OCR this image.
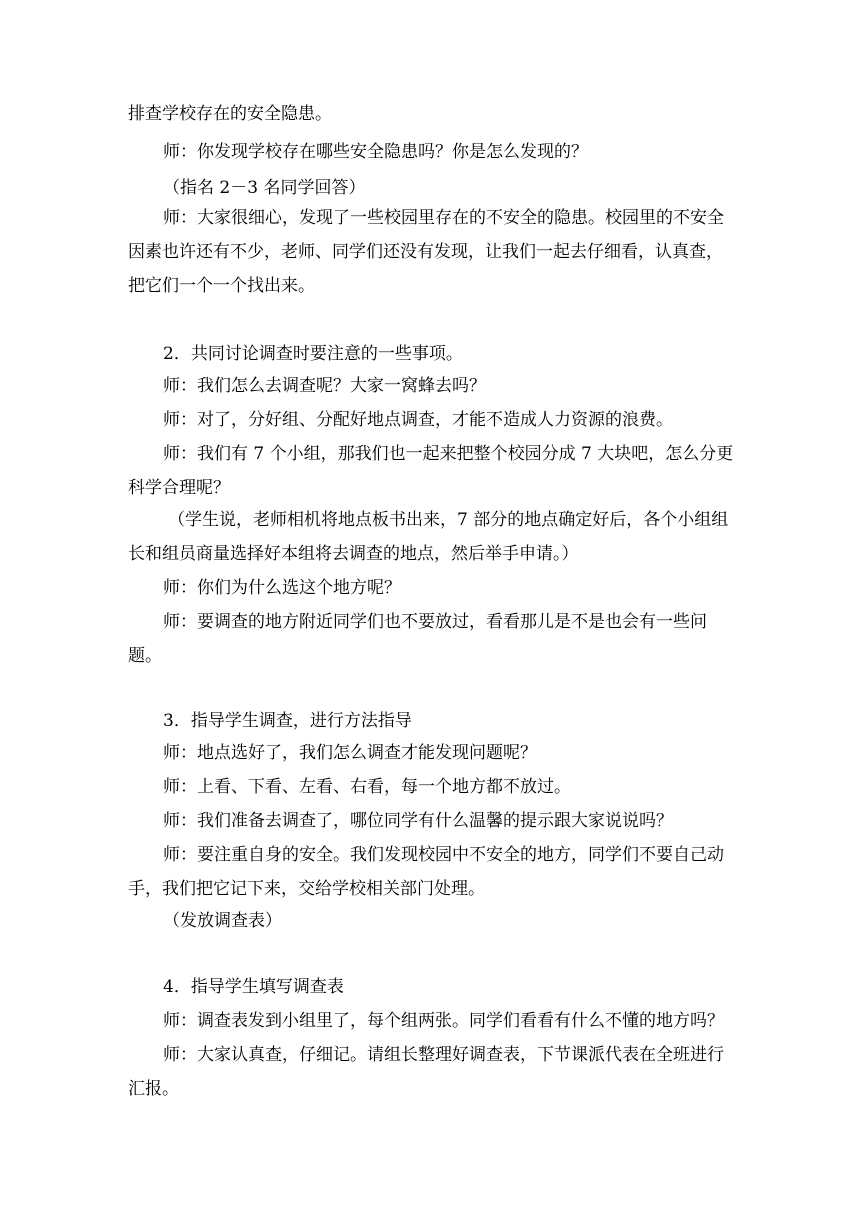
排查学校存在的安全隐患。
师：你发现学校存在哪些安全隐患吗？你是怎么发现的？
（指名 2－3 名同学回答）
师：大家很细心，发现了一些校园里存在的不安全的隐患。校园里的不安全
因素也许还有不少，老师、同学们还没有发现，让我们一起去仔细看，认真查，
把它们一个一个找出来。
2．共同讨论调查时要注意的一些事项。
师：我们怎么去调查呢？大家一窝蜂去吗？
师：对了，分好组、分配好地点调查，才能不造成人力资源的浪费。
师：我们有 7 个小组，那我们也一起来把整个校园分成 7 大块吧，怎么分更
科学合理呢？
（学生说，老师相机将地点板书出来，7 部分的地点确定好后，各个小组组
长和组员商量选择好本组将去调查的地点，然后举手申请。）
师：你们为什么选这个地方呢？
师：要调查的地方附近同学们也不要放过，看看那儿是不是也会有一些问
题。
3．指导学生调查，进行方法指导
师：地点选好了，我们怎么调查才能发现问题呢？
师：上看、下看、左看、右看，每一个地方都不放过。
师：我们准备去调查了，哪位同学有什么温馨的提示跟大家说说吗？
师：要注重自身的安全。我们发现校园中不安全的地方，同学们不要自己动
手，我们把它记下来，交给学校相关部门处理。
（发放调查表）
4．指导学生填写调查表
师：调查表发到小组里了，每个组两张。同学们看看有什么不懂的地方吗？
师：大家认真查，仔细记。请组长整理好调查表，下节课派代表在全班进行
汇报。
